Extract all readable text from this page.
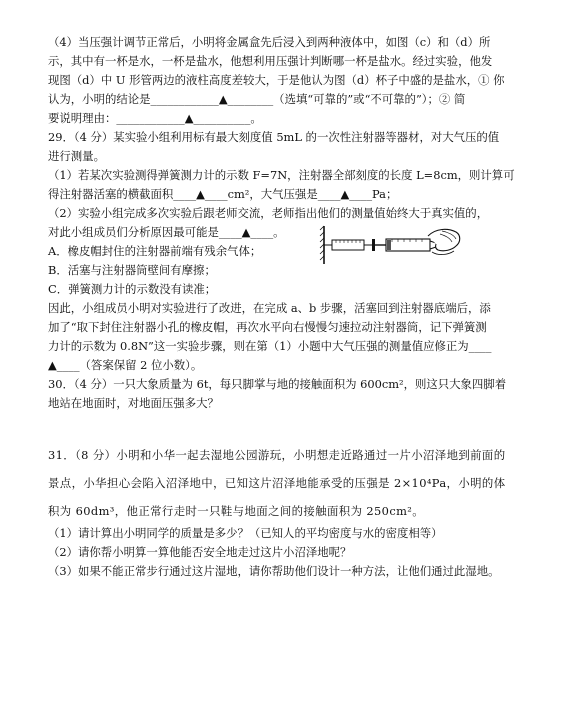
（4）当压强计调节正常后，小明将金属盒先后浸入到两种液体中，如图（c）和（d）所
示，其中有一杯是水，一杯是盐水，他想利用压强计判断哪一杯是盐水。经过实验，他发
现图（d）中 U 形管两边的液柱高度差较大，于是他认为图（d）杯子中盛的是盐水，① 你
认为，小明的结论是____________▲________（选填“可靠的”或“不可靠的”）；② 简
要说明理由：____________▲__________。
29．（4 分）某实验小组利用标有最大刻度值 5mL 的一次性注射器等器材，对大气压的值
进行测量。
（1）若某次实验测得弹簧测力计的示数 F=7N，注射器全部刻度的长度 L=8cm，则计算可
得注射器活塞的横截面积____▲____cm²，大气压强是____▲____Pa；
（2）实验小组完成多次实验后跟老师交流，老师指出他们的测量值始终大于真实值的，
对此小组成员们分析原因最可能是____▲____。
A．橡皮帽封住的注射器前端有残余气体；
B．活塞与注射器筒壁间有摩擦；
C．弹簧测力计的示数没有读准；
因此，小组成员小明对实验进行了改进，在完成 a、b 步骤，活塞回到注射器底端后，添
加了“取下封住注射器小孔的橡皮帽，再次水平向右慢慢匀速拉动注射器筒，记下弹簧测
力计的示数为 0.8N”这一实验步骤，则在第（1）小题中大气压强的测量值应修正为____
▲____（答案保留 2 位小数）。
30．（4 分）一只大象质量为 6t，每只脚掌与地的接触面积为 600cm²，则这只大象四脚着
地站在地面时，对地面压强多大？
31．（8 分）小明和小华一起去湿地公园游玩，小明想走近路通过一片小沼泽地到前面的
景点，小华担心会陷入沼泽地中，已知这片沼泽地能承受的压强是 2×10⁴Pa，小明的体
积为 60dm³，他正常行走时一只鞋与地面之间的接触面积为 250cm²。
（1）请计算出小明同学的质量是多少？（已知人的平均密度与水的密度相等）
（2）请你帮小明算一算他能否安全地走过这片小沼泽地呢？
（3）如果不能正常步行通过这片湿地，请你帮助他们设计一种方法，让他们通过此湿地。
